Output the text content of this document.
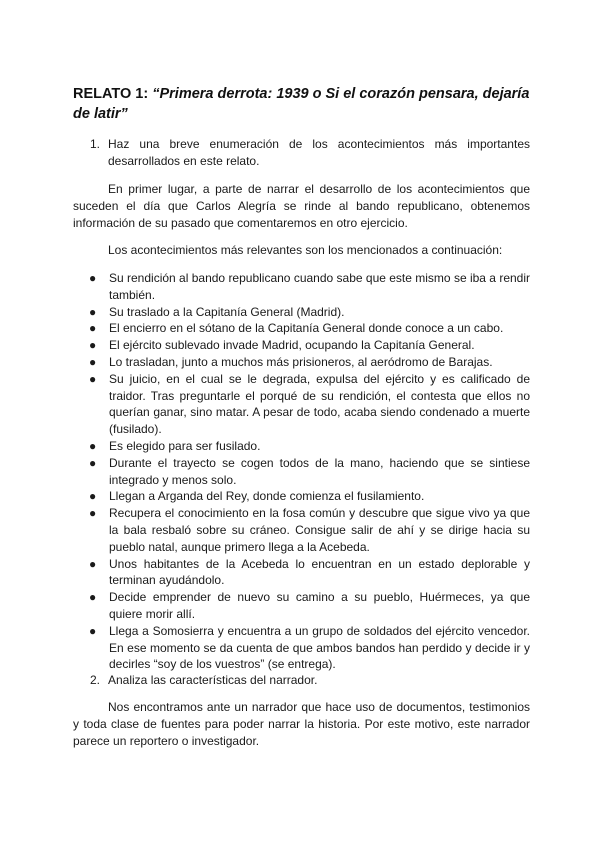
RELATO 1: “Primera derrota: 1939 o Si el corazón pensara, dejaría de latir”
1. Haz una breve enumeración de los acontecimientos más importantes desarrollados en este relato.
En primer lugar, a parte de narrar el desarrollo de los acontecimientos que suceden el día que Carlos Alegría se rinde al bando republicano, obtenemos información de su pasado que comentaremos en otro ejercicio.
Los acontecimientos más relevantes son los mencionados a continuación:
● Su rendición al bando republicano cuando sabe que este mismo se iba a rendir también.
● Su traslado a la Capitanía General (Madrid).
● El encierro en el sótano de la Capitanía General donde conoce a un cabo.
● El ejército sublevado invade Madrid, ocupando la Capitanía General.
● Lo trasladan, junto a muchos más prisioneros, al aeródromo de Barajas.
● Su juicio, en el cual se le degrada, expulsa del ejército y es calificado de traidor. Tras preguntarle el porqué de su rendición, el contesta que ellos no querían ganar, sino matar. A pesar de todo, acaba siendo condenado a muerte (fusilado).
● Es elegido para ser fusilado.
● Durante el trayecto se cogen todos de la mano, haciendo que se sintiese integrado y menos solo.
● Llegan a Arganda del Rey, donde comienza el fusilamiento.
● Recupera el conocimiento en la fosa común y descubre que sigue vivo ya que la bala resbaló sobre su cráneo. Consigue salir de ahí y se dirige hacia su pueblo natal, aunque primero llega a la Acebeda.
● Unos habitantes de la Acebeda lo encuentran en un estado deplorable y terminan ayudándolo.
● Decide emprender de nuevo su camino a su pueblo, Huérmeces, ya que quiere morir allí.
● Llega a Somosierra y encuentra a un grupo de soldados del ejército vencedor. En ese momento se da cuenta de que ambos bandos han perdido y decide ir y decirles “soy de los vuestros” (se entrega).
2. Analiza las características del narrador.
Nos encontramos ante un narrador que hace uso de documentos, testimonios y toda clase de fuentes para poder narrar la historia. Por este motivo, este narrador parece un reportero o investigador.
